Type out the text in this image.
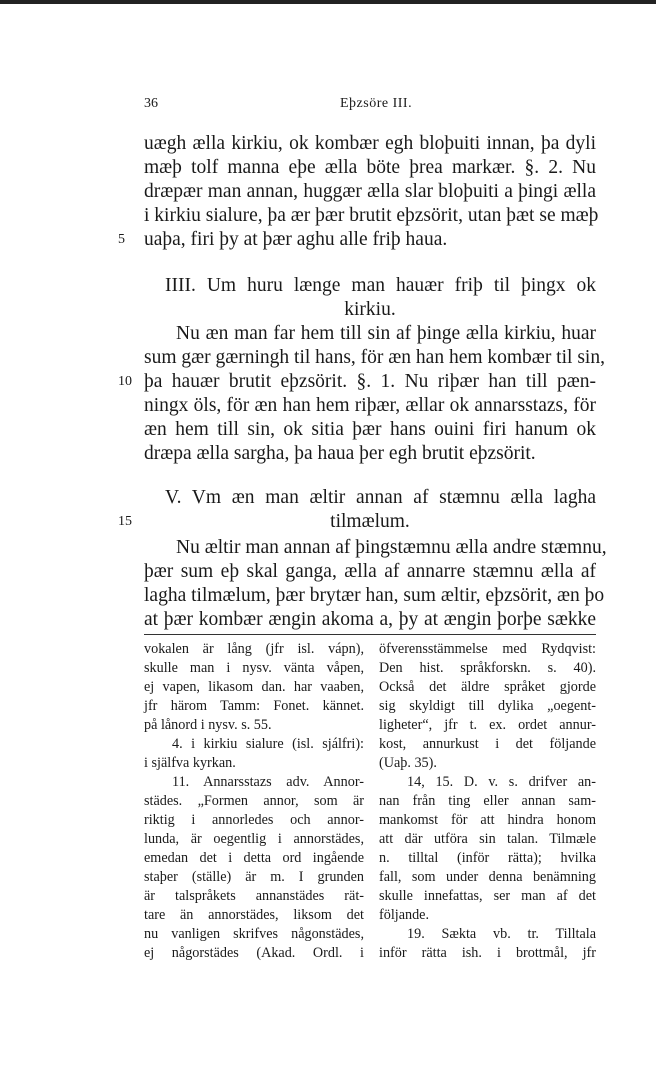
36	Eþzsöre III.
uægh ælla kirkiu, ok kombær egh bloþuiti innan, þa dyli
mæþ tolf manna eþe ælla böte þrea markær. §. 2. Nu
dræpær man annan, huggær ælla slar bloþuiti a þingi ælla
i kirkiu sialure, þa ær þær brutit eþzsörit, utan þæt se mæþ
uaþa, firi þy at þær aghu alle friþ haua.
5
IIII. Um huru længe man hauær friþ til þingx ok
kirkiu.
Nu æn man far hem till sin af þinge ælla kirkiu, huar
sum gær gærningh til hans, för æn han hem kombær til sin,
þa hauær brutit eþzsörit. §. 1. Nu riþær han till pæn-
10
ningx öls, för æn han hem riþær, ællar ok annarsstazs, för
æn hem till sin, ok sitia þær hans ouini firi hanum ok
dræpa ælla sargha, þa haua þer egh brutit eþzsörit.
V. Vm æn man æltir annan af stæmnu ælla lagha
tilmælum.
15
Nu æltir man annan af þingstæmnu ælla andre stæmnu,
þær sum eþ skal ganga, ælla af annarre stæmnu ælla af
lagha tilmælum, þær brytær han, sum æltir, eþzsörit, æn þo
at þær kombær ængin akoma a, þy at ængin þorþe sække
vokalen är lång (jfr isl. vápn),
skulle man i nysv. vänta våpen,
ej vapen, likasom dan. har vaaben,
jfr härom Tamm: Fonet. kännet.
på lånord i nysv. s. 55.
4. i kirkiu sialure (isl. sjálfri):
i själfva kyrkan.
11. Annarsstazs adv. Annor-
städes. „Formen annor, som är
riktig i annorledes och annor-
lunda, är oegentlig i annorstädes,
emedan det i detta ord ingående
staþer (ställe) är m. I grunden
är talspråkets annanstädes rät-
tare än annorstädes, liksom det
nu vanligen skrifves någonstädes,
ej någorstädes (Akad. Ordl. i
öfverensstämmelse med Rydqvist:
Den hist. språkforskn. s. 40).
Också det äldre språket gjorde
sig skyldigt till dylika „oegent-
ligheter“, jfr t. ex. ordet annur-
kost, annurkust i det följande
(Uaþ. 35).
14, 15. D. v. s. drifver an-
nan från ting eller annan sam-
mankomst för att hindra honom
att där utföra sin talan. Tilmæle
n. tilltal (inför rätta); hvilka
fall, som under denna benämning
skulle innefattas, ser man af det
följande.
19. Sækta vb. tr. Tilltala
inför rätta ish. i brottmål, jfr
